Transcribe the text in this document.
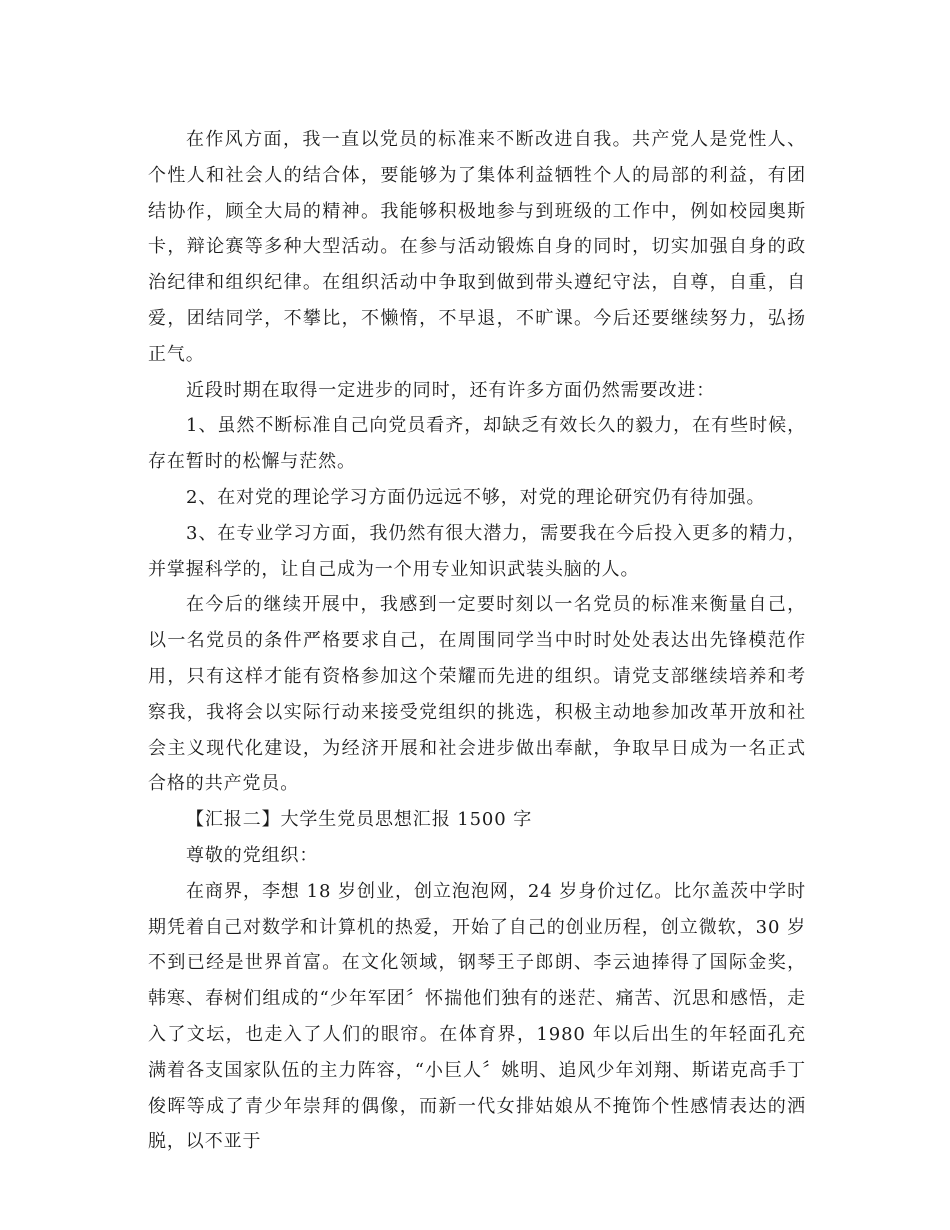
在作风方面，我一直以党员的标准来不断改进自我。共产党人是党性人、个性人和社会人的结合体，要能够为了集体利益牺牲个人的局部的利益，有团结协作，顾全大局的精神。我能够积极地参与到班级的工作中，例如校园奥斯卡，辩论赛等多种大型活动。在参与活动锻炼自身的同时，切实加强自身的政治纪律和组织纪律。在组织活动中争取到做到带头遵纪守法，自尊，自重，自爱，团结同学，不攀比，不懒惰，不早退，不旷课。今后还要继续努力，弘扬正气。

近段时期在取得一定进步的同时，还有许多方面仍然需要改进：

1、虽然不断标准自己向党员看齐，却缺乏有效长久的毅力，在有些时候，存在暂时的松懈与茫然。

2、在对党的理论学习方面仍远远不够，对党的理论研究仍有待加强。

3、在专业学习方面，我仍然有很大潜力，需要我在今后投入更多的精力，并掌握科学的，让自己成为一个用专业知识武装头脑的人。

在今后的继续开展中，我感到一定要时刻以一名党员的标准来衡量自己，以一名党员的条件严格要求自己，在周围同学当中时时处处表达出先锋模范作用，只有这样才能有资格参加这个荣耀而先进的组织。请党支部继续培养和考察我，我将会以实际行动来接受党组织的挑选，积极主动地参加改革开放和社会主义现代化建设，为经济开展和社会进步做出奉献，争取早日成为一名正式合格的共产党员。

【汇报二】大学生党员思想汇报 1500 字

尊敬的党组织：

在商界，李想 18 岁创业，创立泡泡网，24 岁身价过亿。比尔盖茨中学时期凭着自己对数学和计算机的热爱，开始了自己的创业历程，创立微软，30 岁不到已经是世界首富。在文化领域，钢琴王子郎朗、李云迪捧得了国际金奖，韩寒、春树们组成的“少年军团〞怀揣他们独有的迷茫、痛苦、沉思和感悟，走入了文坛，也走入了人们的眼帘。在体育界，1980 年以后出生的年轻面孔充满着各支国家队伍的主力阵容，“小巨人〞姚明、追风少年刘翔、斯诺克高手丁俊晖等成了青少年崇拜的偶像，而新一代女排姑娘从不掩饰个性感情表达的洒脱，以不亚于
